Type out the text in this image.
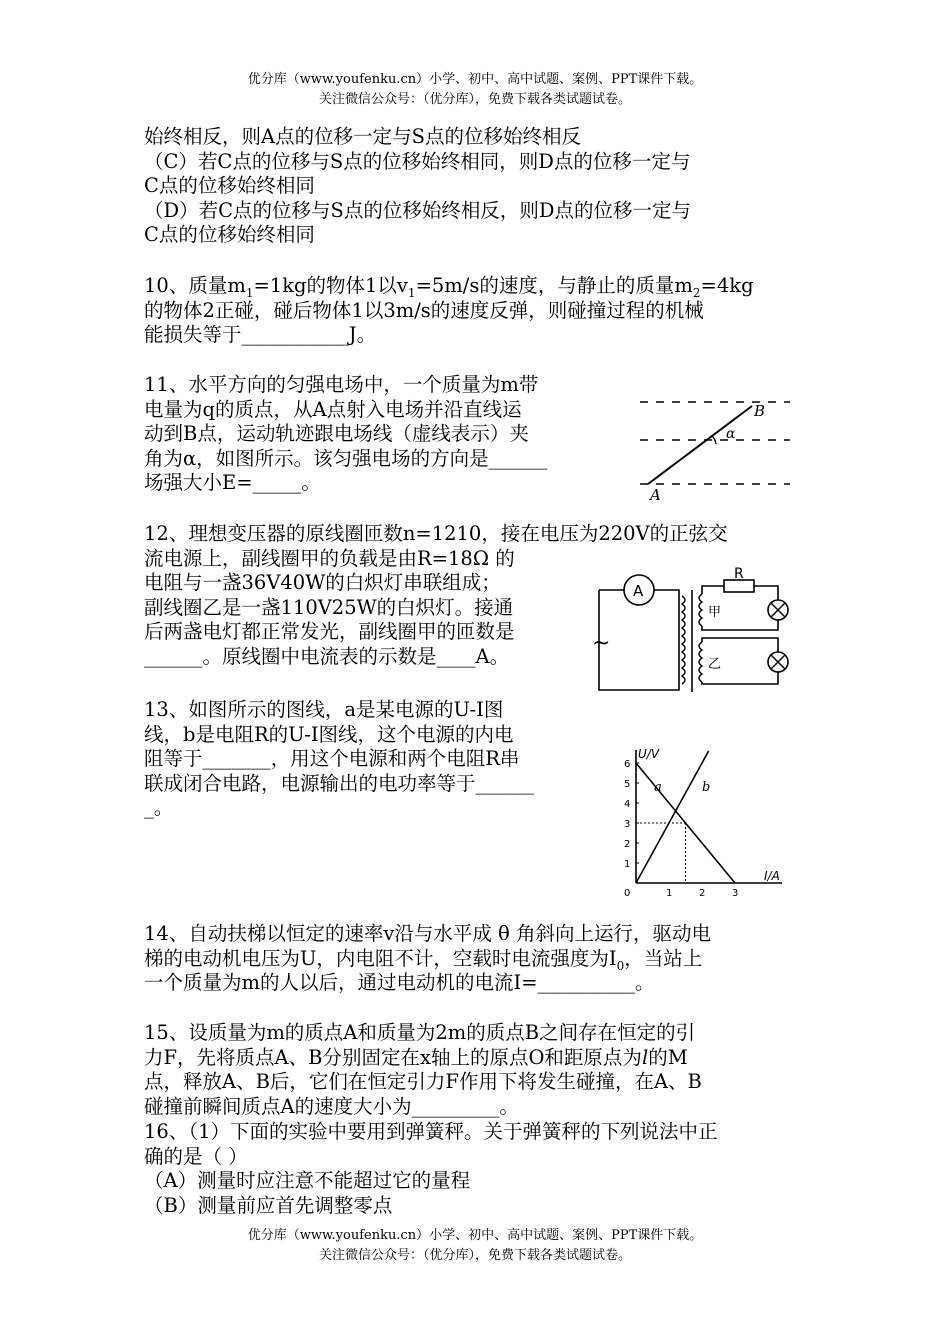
优分库（www.youfenku.cn）小学、初中、高中试题、案例、PPT课件下载。
关注微信公众号：（优分库），免费下载各类试题试卷。
始终相反，则A点的位移一定与S点的位移始终相反
（C）若C点的位移与S点的位移始终相同，则D点的位移一定与
C点的位移始终相同
（D）若C点的位移与S点的位移始终相反，则D点的位移一定与
C点的位移始终相同
10、质量$m_1=1kg$的物体1以$v_1=5m/s$的速度，与静止的质量$m_2=4kg$
的物体2正碰，碰后物体1以3m/s的速度反弹，则碰撞过程的机械
能损失等于___________J。
11、水平方向的匀强电场中，一个质量为m带
电量为q的质点，从A点射入电场并沿直线运
动到B点，运动轨迹跟电场线（虚线表示）夹
角为α，如图所示。该匀强电场的方向是______
场强大小E=_____。
A
B
α
12、理想变压器的原线圈匝数n=1210，接在电压为220V的正弦交
流电源上，副线圈甲的负载是由R=18Ω 的
电阻与一盏36V40W的白炽灯串联组成；
副线圈乙是一盏110V25W的白炽灯。接通
后两盏电灯都正常发光，副线圈甲的匝数是
______。原线圈中电流表的示数是____A。
A
~
R
甲
乙
13、如图所示的图线，a是某电源的U-I图
线，b是电阻R的U-I图线，这个电源的内电
阻等于_______，用这个电源和两个电阻R串
联成闭合电路，电源输出的电功率等于______
_。
U/V
I/A
6
5
4
3
2
1
0	1	2	3
a	b
14、自动扶梯以恒定的速率v沿与水平成 θ 角斜向上运行，驱动电
梯的电动机电压为U，内电阻不计，空载时电流强度为$I_0$，当站上
一个质量为m的人以后，通过电动机的电流I=__________。
15、设质量为m的质点A和质量为2m的质点B之间存在恒定的引
力F，先将质点A、B分别固定在x轴上的原点O和距原点为l的M
点，释放A、B后，它们在恒定引力F作用下将发生碰撞，在A、B
碰撞前瞬间质点A的速度大小为_________。
16、（1）下面的实验中要用到弹簧秤。关于弹簧秤的下列说法中正
确的是（ ）
（A）测量时应注意不能超过它的量程
（B）测量前应首先调整零点
优分库（www.youfenku.cn）小学、初中、高中试题、案例、PPT课件下载。
关注微信公众号：（优分库），免费下载各类试题试卷。
